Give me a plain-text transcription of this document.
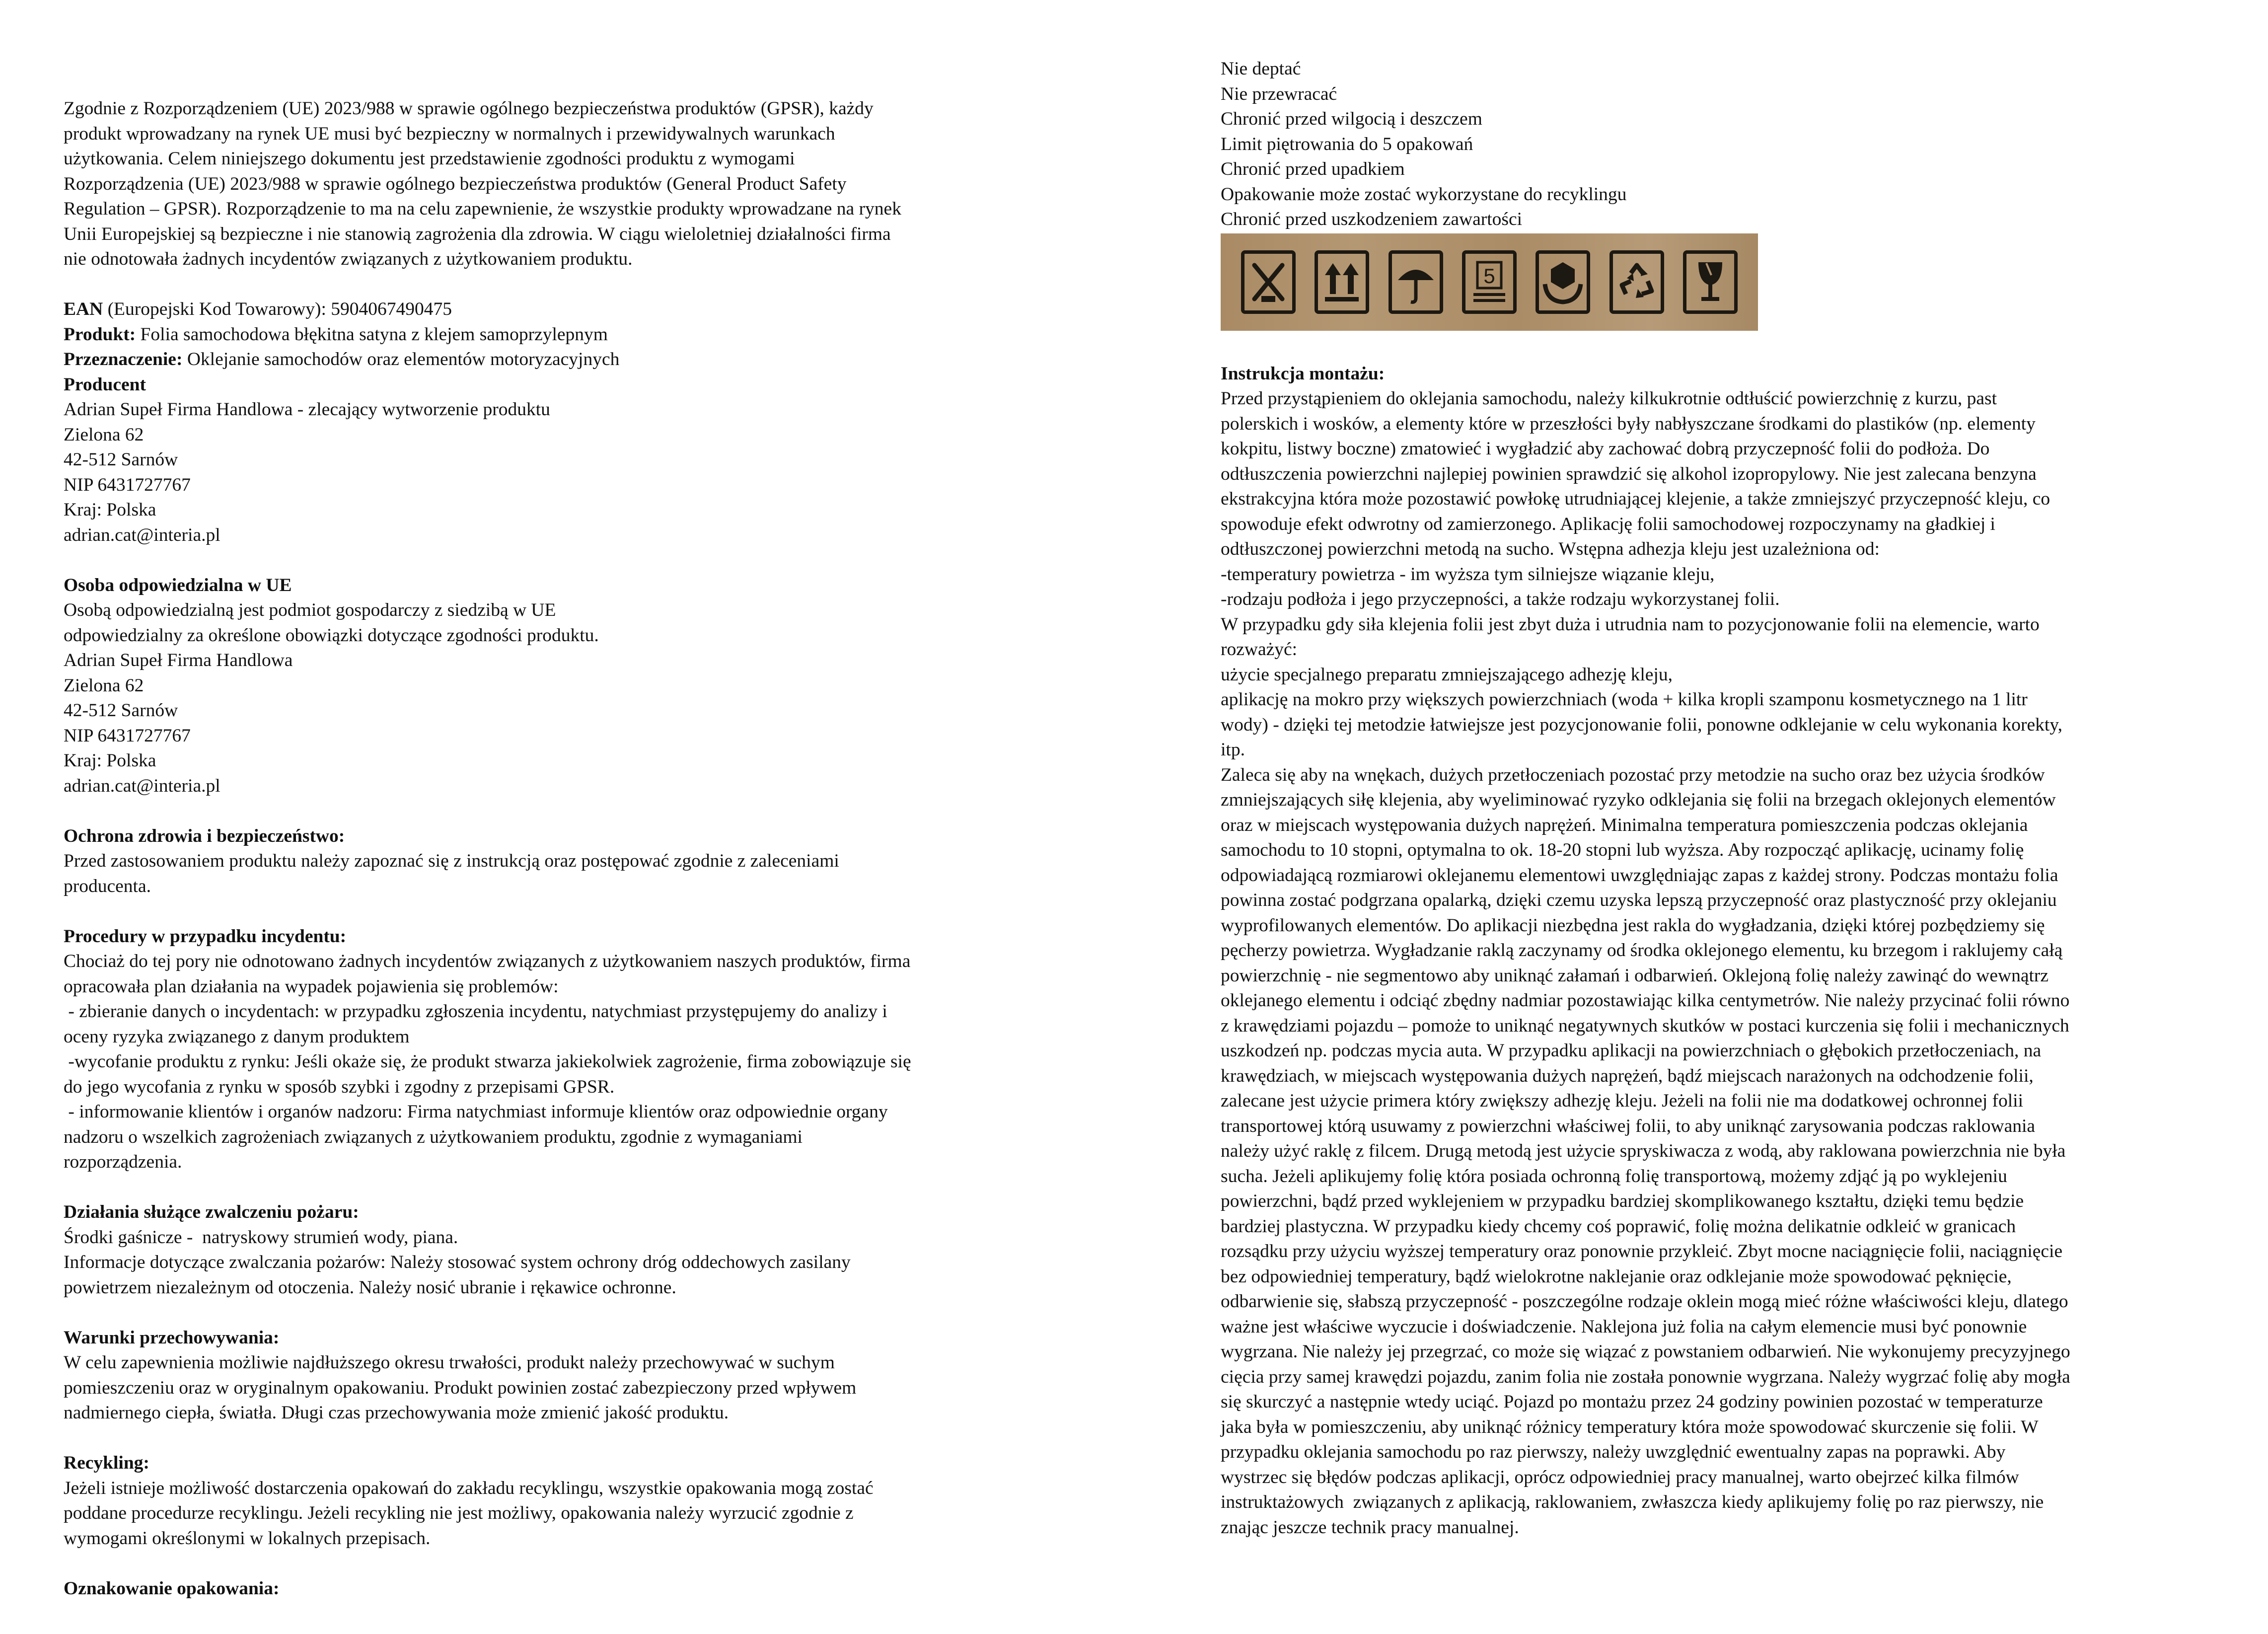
Zgodnie z Rozporządzeniem (UE) 2023/988 w sprawie ogólnego bezpieczeństwa produktów (GPSR), każdy

produkt wprowadzany na rynek UE musi być bezpieczny w normalnych i przewidywalnych warunkach

użytkowania. Celem niniejszego dokumentu jest przedstawienie zgodności produktu z wymogami

Rozporządzenia (UE) 2023/988 w sprawie ogólnego bezpieczeństwa produktów (General Product Safety

Regulation – GPSR). Rozporządzenie to ma na celu zapewnienie, że wszystkie produkty wprowadzane na rynek

Unii Europejskiej są bezpieczne i nie stanowią zagrożenia dla zdrowia. W ciągu wieloletniej działalności firma

nie odnotowała żadnych incydentów związanych z użytkowaniem produktu.

EAN (Europejski Kod Towarowy): 5904067490475

Produkt: Folia samochodowa błękitna satyna z klejem samoprzylepnym

Przeznaczenie: Oklejanie samochodów oraz elementów motoryzacyjnych

Producent

Adrian Supeł Firma Handlowa - zlecający wytworzenie produktu

Zielona 62

42-512 Sarnów

NIP 6431727767

Kraj: Polska

adrian.cat@interia.pl

Osoba odpowiedzialna w UE

Osobą odpowiedzialną jest podmiot gospodarczy z siedzibą w UE

odpowiedzialny za określone obowiązki dotyczące zgodności produktu.

Adrian Supeł Firma Handlowa

Zielona 62

42-512 Sarnów

NIP 6431727767

Kraj: Polska

adrian.cat@interia.pl

Ochrona zdrowia i bezpieczeństwo:

Przed zastosowaniem produktu należy zapoznać się z instrukcją oraz postępować zgodnie z zaleceniami

producenta.

Procedury w przypadku incydentu:

Chociaż do tej pory nie odnotowano żadnych incydentów związanych z użytkowaniem naszych produktów, firma

opracowała plan działania na wypadek pojawienia się problemów:

- zbieranie danych o incydentach: w przypadku zgłoszenia incydentu, natychmiast przystępujemy do analizy i

oceny ryzyka związanego z danym produktem

-wycofanie produktu z rynku: Jeśli okaże się, że produkt stwarza jakiekolwiek zagrożenie, firma zobowiązuje się

do jego wycofania z rynku w sposób szybki i zgodny z przepisami GPSR.

- informowanie klientów i organów nadzoru: Firma natychmiast informuje klientów oraz odpowiednie organy

nadzoru o wszelkich zagrożeniach związanych z użytkowaniem produktu, zgodnie z wymaganiami

rozporządzenia.

Działania służące zwalczeniu pożaru:

Środki gaśnicze -  natryskowy strumień wody, piana.

Informacje dotyczące zwalczania pożarów: Należy stosować system ochrony dróg oddechowych zasilany

powietrzem niezależnym od otoczenia. Należy nosić ubranie i rękawice ochronne.

Warunki przechowywania:

W celu zapewnienia możliwie najdłuższego okresu trwałości, produkt należy przechowywać w suchym

pomieszczeniu oraz w oryginalnym opakowaniu. Produkt powinien zostać zabezpieczony przed wpływem

nadmiernego ciepła, światła. Długi czas przechowywania może zmienić jakość produktu.

Recykling:

Jeżeli istnieje możliwość dostarczenia opakowań do zakładu recyklingu, wszystkie opakowania mogą zostać

poddane procedurze recyklingu. Jeżeli recykling nie jest możliwy, opakowania należy wyrzucić zgodnie z

wymogami określonymi w lokalnych przepisach.

Oznakowanie opakowania:

Nie deptać

Nie przewracać

Chronić przed wilgocią i deszczem

Limit piętrowania do 5 opakowań

Chronić przed upadkiem

Opakowanie może zostać wykorzystane do recyklingu

Chronić przed uszkodzeniem zawartości

5

Instrukcja montażu:

Przed przystąpieniem do oklejania samochodu, należy kilkukrotnie odtłuścić powierzchnię z kurzu, past

polerskich i wosków, a elementy które w przeszłości były nabłyszczane środkami do plastików (np. elementy

kokpitu, listwy boczne) zmatowieć i wygładzić aby zachować dobrą przyczepność folii do podłoża. Do

odtłuszczenia powierzchni najlepiej powinien sprawdzić się alkohol izopropylowy. Nie jest zalecana benzyna

ekstrakcyjna która może pozostawić powłokę utrudniającej klejenie, a także zmniejszyć przyczepność kleju, co

spowoduje efekt odwrotny od zamierzonego. Aplikację folii samochodowej rozpoczynamy na gładkiej i

odtłuszczonej powierzchni metodą na sucho. Wstępna adhezja kleju jest uzależniona od:

-temperatury powietrza - im wyższa tym silniejsze wiązanie kleju,

-rodzaju podłoża i jego przyczepności, a także rodzaju wykorzystanej folii.

W przypadku gdy siła klejenia folii jest zbyt duża i utrudnia nam to pozycjonowanie folii na elemencie, warto

rozważyć:

użycie specjalnego preparatu zmniejszającego adhezję kleju,

aplikację na mokro przy większych powierzchniach (woda + kilka kropli szamponu kosmetycznego na 1 litr

wody) - dzięki tej metodzie łatwiejsze jest pozycjonowanie folii, ponowne odklejanie w celu wykonania korekty,

itp.

Zaleca się aby na wnękach, dużych przetłoczeniach pozostać przy metodzie na sucho oraz bez użycia środków

zmniejszających siłę klejenia, aby wyeliminować ryzyko odklejania się folii na brzegach oklejonych elementów

oraz w miejscach występowania dużych naprężeń. Minimalna temperatura pomieszczenia podczas oklejania

samochodu to 10 stopni, optymalna to ok. 18-20 stopni lub wyższa. Aby rozpocząć aplikację, ucinamy folię

odpowiadającą rozmiarowi oklejanemu elementowi uwzględniając zapas z każdej strony. Podczas montażu folia

powinna zostać podgrzana opalarką, dzięki czemu uzyska lepszą przyczepność oraz plastyczność przy oklejaniu

wyprofilowanych elementów. Do aplikacji niezbędna jest rakla do wygładzania, dzięki której pozbędziemy się

pęcherzy powietrza. Wygładzanie raklą zaczynamy od środka oklejonego elementu, ku brzegom i raklujemy całą

powierzchnię - nie segmentowo aby uniknąć załamań i odbarwień. Oklejoną folię należy zawinąć do wewnątrz

oklejanego elementu i odciąć zbędny nadmiar pozostawiając kilka centymetrów. Nie należy przycinać folii równo

z krawędziami pojazdu – pomoże to uniknąć negatywnych skutków w postaci kurczenia się folii i mechanicznych

uszkodzeń np. podczas mycia auta. W przypadku aplikacji na powierzchniach o głębokich przetłoczeniach, na

krawędziach, w miejscach występowania dużych naprężeń, bądź miejscach narażonych na odchodzenie folii,

zalecane jest użycie primera który zwiększy adhezję kleju. Jeżeli na folii nie ma dodatkowej ochronnej folii

transportowej którą usuwamy z powierzchni właściwej folii, to aby uniknąć zarysowania podczas raklowania

należy użyć raklę z filcem. Drugą metodą jest użycie spryskiwacza z wodą, aby raklowana powierzchnia nie była

sucha. Jeżeli aplikujemy folię która posiada ochronną folię transportową, możemy zdjąć ją po wyklejeniu

powierzchni, bądź przed wyklejeniem w przypadku bardziej skomplikowanego kształtu, dzięki temu będzie

bardziej plastyczna. W przypadku kiedy chcemy coś poprawić, folię można delikatnie odkleić w granicach

rozsądku przy użyciu wyższej temperatury oraz ponownie przykleić. Zbyt mocne naciągnięcie folii, naciągnięcie

bez odpowiedniej temperatury, bądź wielokrotne naklejanie oraz odklejanie może spowodować pęknięcie,

odbarwienie się, słabszą przyczepność - poszczególne rodzaje oklein mogą mieć różne właściwości kleju, dlatego

ważne jest właściwe wyczucie i doświadczenie. Naklejona już folia na całym elemencie musi być ponownie

wygrzana. Nie należy jej przegrzać, co może się wiązać z powstaniem odbarwień. Nie wykonujemy precyzyjnego

cięcia przy samej krawędzi pojazdu, zanim folia nie została ponownie wygrzana. Należy wygrzać folię aby mogła

się skurczyć a następnie wtedy uciąć. Pojazd po montażu przez 24 godziny powinien pozostać w temperaturze

jaka była w pomieszczeniu, aby uniknąć różnicy temperatury która może spowodować skurczenie się folii. W

przypadku oklejania samochodu po raz pierwszy, należy uwzględnić ewentualny zapas na poprawki. Aby

wystrzec się błędów podczas aplikacji, oprócz odpowiedniej pracy manualnej, warto obejrzeć kilka filmów

instruktażowych  związanych z aplikacją, raklowaniem, zwłaszcza kiedy aplikujemy folię po raz pierwszy, nie

znając jeszcze technik pracy manualnej.
